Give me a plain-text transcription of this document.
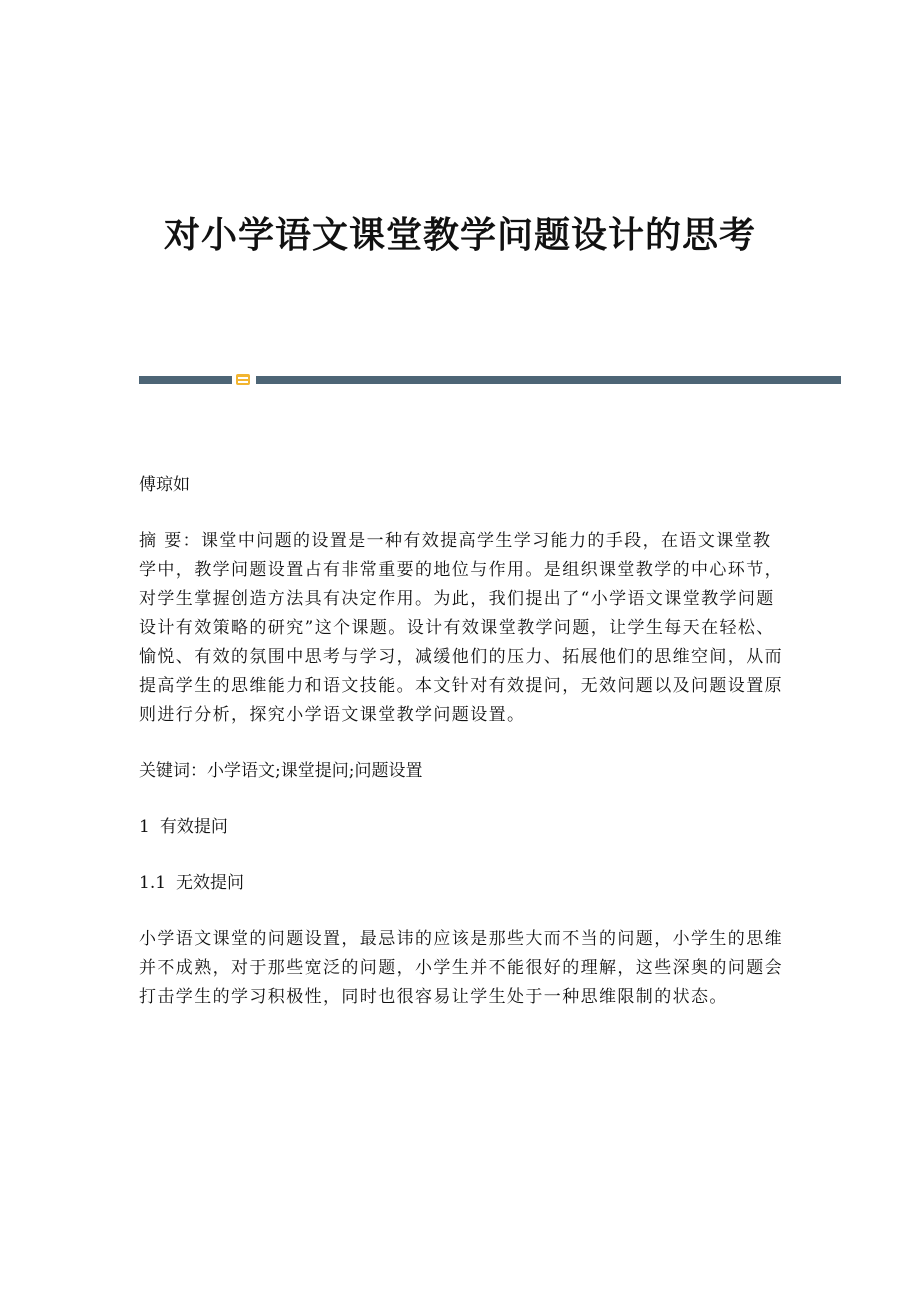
对小学语文课堂教学问题设计的思考

傅琼如

摘 要：课堂中问题的设置是一种有效提高学生学习能力的手段，在语文课堂教学中，教学问题设置占有非常重要的地位与作用。是组织课堂教学的中心环节，对学生掌握创造方法具有决定作用。为此，我们提出了“小学语文课堂教学问题设计有效策略的研究”这个课题。设计有效课堂教学问题，让学生每天在轻松、愉悦、有效的氛围中思考与学习，减缓他们的压力、拓展他们的思维空间，从而提高学生的思维能力和语文技能。本文针对有效提问，无效问题以及问题设置原则进行分析，探究小学语文课堂教学问题设置。

关键词：小学语文;课堂提问;问题设置

1 有效提问

1.1 无效提问

小学语文课堂的问题设置，最忌讳的应该是那些大而不当的问题，小学生的思维并不成熟，对于那些宽泛的问题，小学生并不能很好的理解，这些深奥的问题会打击学生的学习积极性，同时也很容易让学生处于一种思维限制的状态。
